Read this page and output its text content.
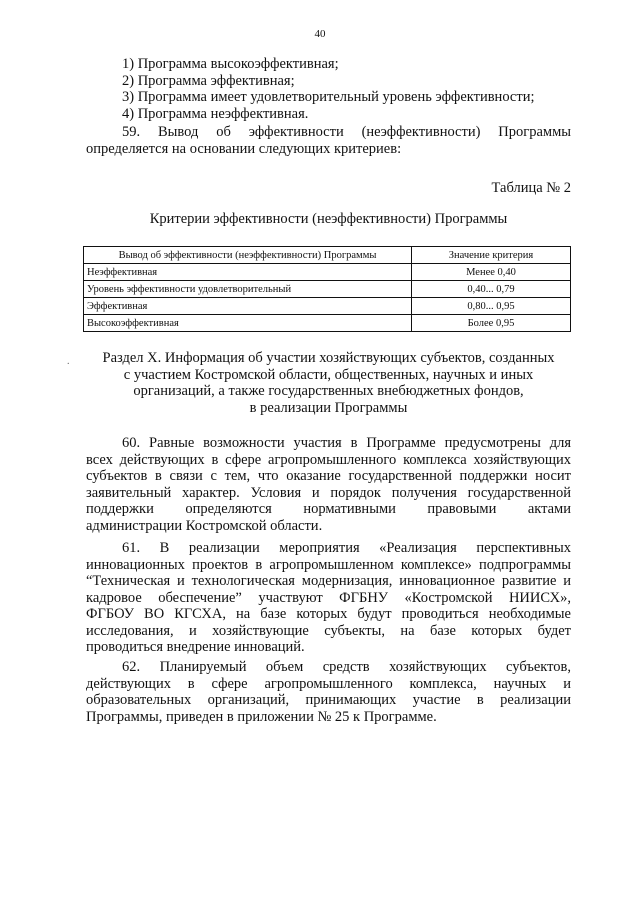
40
1) Программа высокоэффективная;
2) Программа эффективная;
3) Программа имеет удовлетворительный уровень эффективности;
4) Программа неэффективная.
59. Вывод об эффективности (неэффективности) Программы
определяется на основании следующих критериев:
Таблица № 2
Критерии эффективности (неэффективности) Программы
Вывод об эффективности (неэффективности) Программы	Значение критерия
Неэффективная	Менее 0,40
Уровень эффективности удовлетворительный	0,40... 0,79
Эффективная	0,80... 0,95
Высокоэффективная	Более 0,95
.	Раздел X. Информация об участии хозяйствующих субъектов, созданных
с участием Костромской области, общественных, научных и иных
организаций, а также государственных внебюджетных фондов,
в реализации Программы
60. Равные возможности участия в Программе предусмотрены для
всех действующих в сфере агропромышленного комплекса хозяйствующих
субъектов в связи с тем, что оказание государственной поддержки носит
заявительный характер. Условия и порядок получения государственной
поддержки определяются нормативными правовыми актами
администрации Костромской области.
61. В реализации мероприятия «Реализация перспективных
инновационных проектов в агропромышленном комплексе» подпрограммы
“Техническая и технологическая модернизация, инновационное развитие и
кадровое обеспечение” участвуют ФГБНУ «Костромской НИИСХ»,
ФГБОУ ВО КГСХА, на базе которых будут проводиться необходимые
исследования, и хозяйствующие субъекты, на базе которых будет
проводиться внедрение инноваций.
62. Планируемый объем средств хозяйствующих субъектов,
действующих в сфере агропромышленного комплекса, научных и
образовательных организаций, принимающих участие в реализации
Программы, приведен в приложении № 25 к Программе.
